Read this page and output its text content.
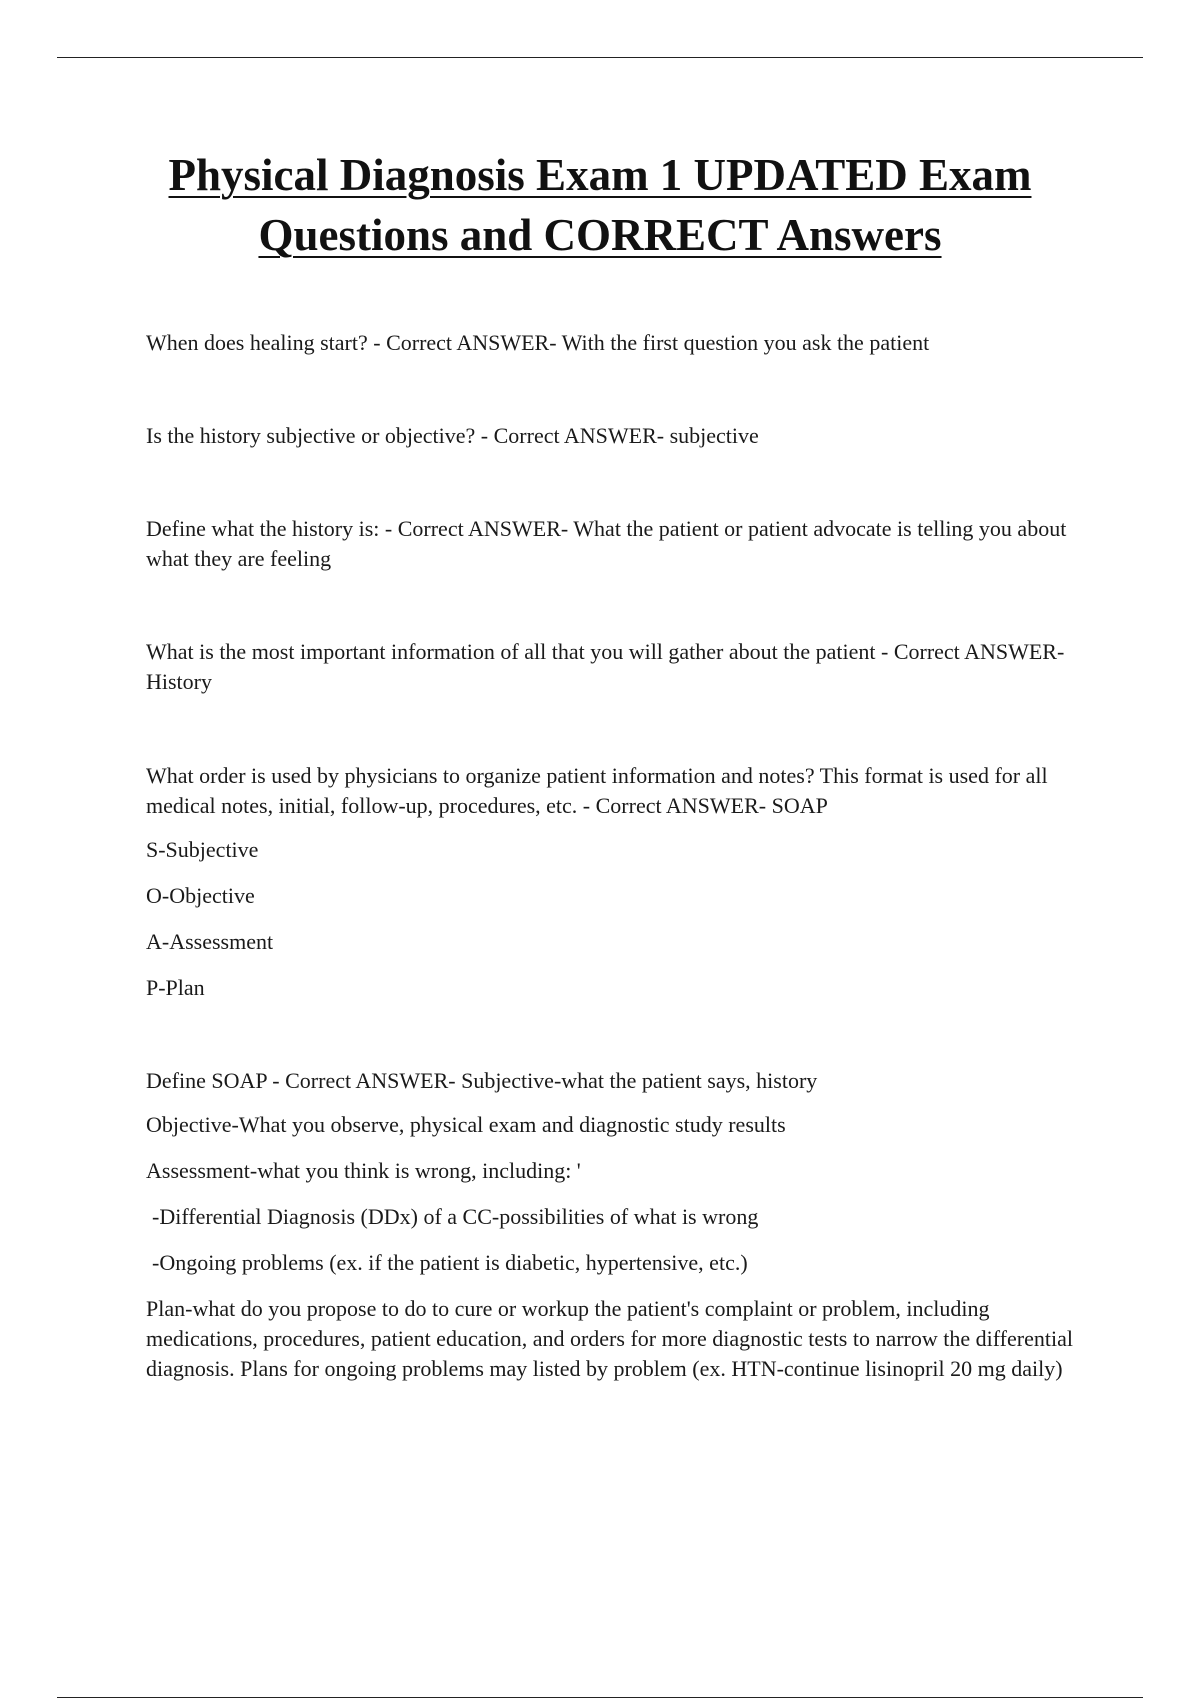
Physical Diagnosis Exam 1 UPDATED Exam
Questions and CORRECT Answers

When does healing start? - Correct ANSWER- With the first question you ask the patient

Is the history subjective or objective? - Correct ANSWER- subjective

Define what the history is: - Correct ANSWER- What the patient or patient advocate is telling you about what they are feeling

What is the most important information of all that you will gather about the patient - Correct ANSWER- History

What order is used by physicians to organize patient information and notes? This format is used for all medical notes, initial, follow-up, procedures, etc. - Correct ANSWER- SOAP

S-Subjective

O-Objective

A-Assessment

P-Plan

Define SOAP - Correct ANSWER- Subjective-what the patient says, history

Objective-What you observe, physical exam and diagnostic study results

Assessment-what you think is wrong, including: '

-Differential Diagnosis (DDx) of a CC-possibilities of what is wrong

-Ongoing problems (ex. if the patient is diabetic, hypertensive, etc.)

Plan-what do you propose to do to cure or workup the patient's complaint or problem, including medications, procedures, patient education, and orders for more diagnostic tests to narrow the differential diagnosis. Plans for ongoing problems may listed by problem (ex. HTN-continue lisinopril 20 mg daily)
